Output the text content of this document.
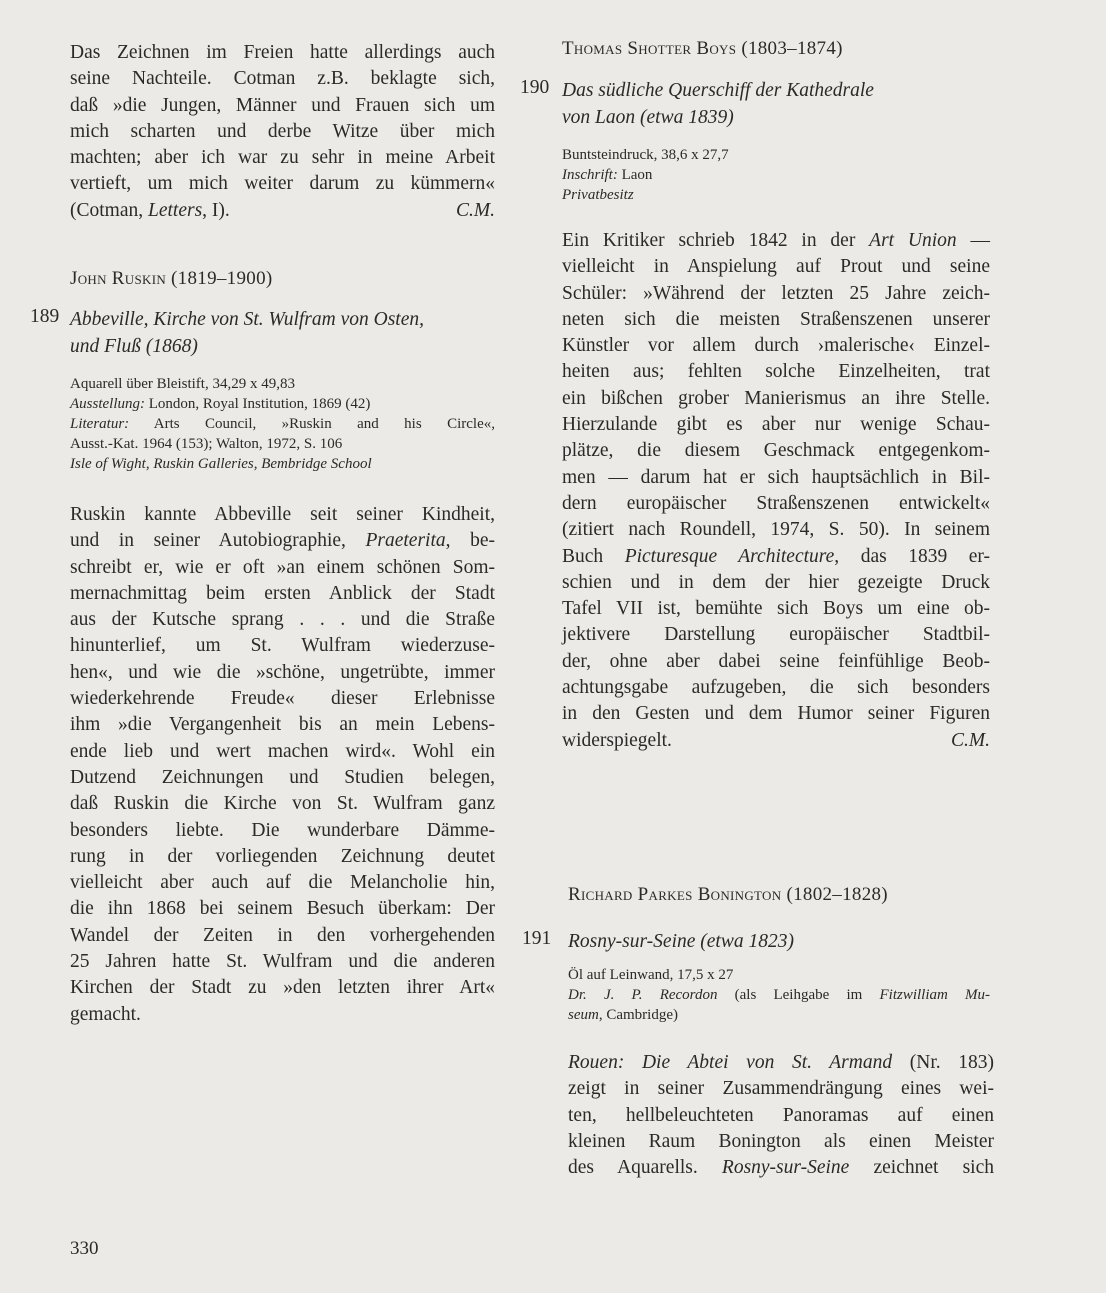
Das Zeichnen im Freien hatte allerdings auch
seine Nachteile. Cotman z.B. beklagte sich,
daß »die Jungen, Männer und Frauen sich um
mich scharten und derbe Witze über mich
machten; aber ich war zu sehr in meine Arbeit
vertieft, um mich weiter darum zu kümmern«
C.M.
(Cotman, Letters, I).
John Ruskin (1819–1900)
189 Abbeville, Kirche von St. Wulfram von Osten,
und Fluß (1868)
Aquarell über Bleistift, 34,29 x 49,83
Ausstellung: London, Royal Institution, 1869 (42)
Literatur: Arts Council, »Ruskin and his Circle«,
Ausst.-Kat. 1964 (153); Walton, 1972, S. 106
Isle of Wight, Ruskin Galleries, Bembridge School
Ruskin kannte Abbeville seit seiner Kindheit,
und in seiner Autobiographie, Praeterita, be-
schreibt er, wie er oft »an einem schönen Som-
mernachmittag beim ersten Anblick der Stadt
aus der Kutsche sprang . . . und die Straße
hinunterlief, um St. Wulfram wiederzuse-
hen«, und wie die »schöne, ungetrübte, immer
wiederkehrende Freude« dieser Erlebnisse
ihm »die Vergangenheit bis an mein Lebens-
ende lieb und wert machen wird«. Wohl ein
Dutzend Zeichnungen und Studien belegen,
daß Ruskin die Kirche von St. Wulfram ganz
besonders liebte. Die wunderbare Dämme-
rung in der vorliegenden Zeichnung deutet
vielleicht aber auch auf die Melancholie hin,
die ihn 1868 bei seinem Besuch überkam: Der
Wandel der Zeiten in den vorhergehenden
25 Jahren hatte St. Wulfram und die anderen
Kirchen der Stadt zu »den letzten ihrer Art«
gemacht.
Thomas Shotter Boys (1803–1874)
190 Das südliche Querschiff der Kathedrale
von Laon (etwa 1839)
Buntsteindruck, 38,6 x 27,7
Inschrift: Laon
Privatbesitz
Ein Kritiker schrieb 1842 in der Art Union —
vielleicht in Anspielung auf Prout und seine
Schüler: »Während der letzten 25 Jahre zeich-
neten sich die meisten Straßenszenen unserer
Künstler vor allem durch ›malerische‹ Einzel-
heiten aus; fehlten solche Einzelheiten, trat
ein bißchen grober Manierismus an ihre Stelle.
Hierzulande gibt es aber nur wenige Schau-
plätze, die diesem Geschmack entgegenkom-
men — darum hat er sich hauptsächlich in Bil-
dern europäischer Straßenszenen entwickelt«
(zitiert nach Roundell, 1974, S. 50). In seinem
Buch Picturesque Architecture, das 1839 er-
schien und in dem der hier gezeigte Druck
Tafel VII ist, bemühte sich Boys um eine ob-
jektivere Darstellung europäischer Stadtbil-
der, ohne aber dabei seine feinfühlige Beob-
achtungsgabe aufzugeben, die sich besonders
in den Gesten und dem Humor seiner Figuren
C.M.
widerspiegelt.
Richard Parkes Bonington (1802–1828)
191 Rosny-sur-Seine (etwa 1823)
Öl auf Leinwand, 17,5 x 27
Dr. J. P. Recordon (als Leihgabe im Fitzwilliam Mu-
seum, Cambridge)
Rouen: Die Abtei von St. Armand (Nr. 183)
zeigt in seiner Zusammendrängung eines wei-
ten, hellbeleuchteten Panoramas auf einen
kleinen Raum Bonington als einen Meister
des Aquarells. Rosny-sur-Seine zeichnet sich
330
